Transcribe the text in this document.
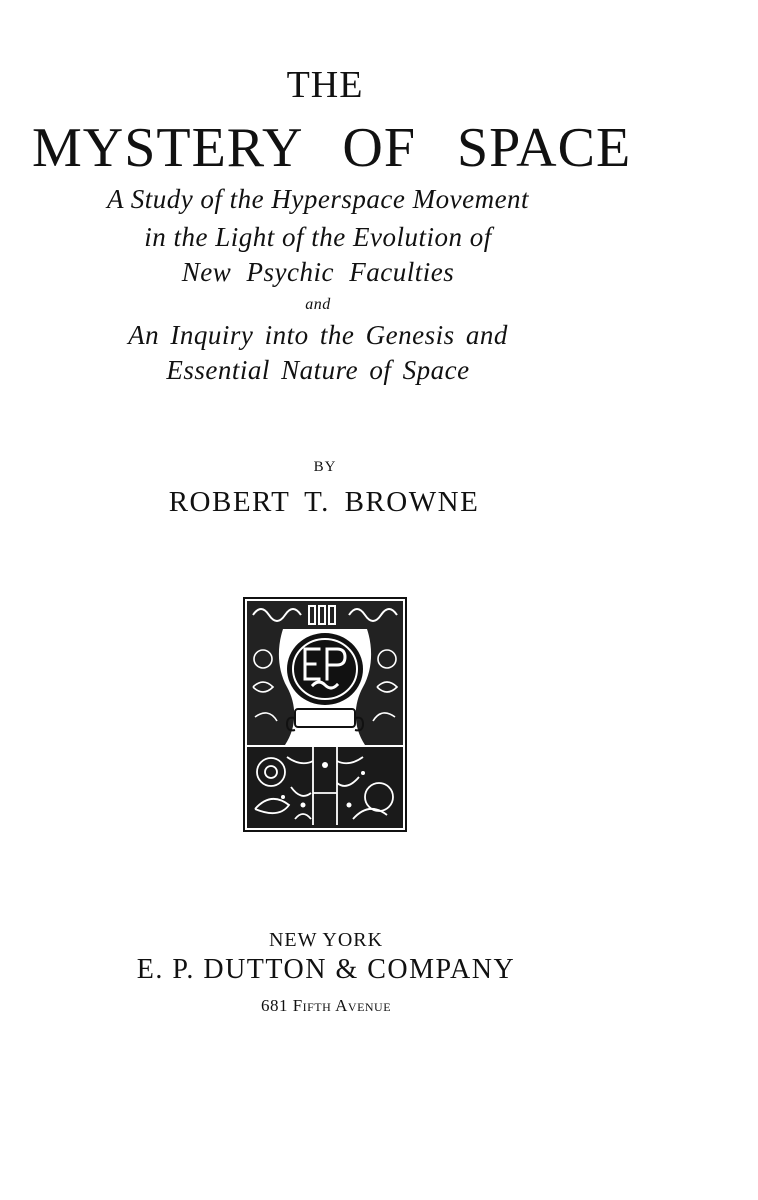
THE
MYSTERY OF SPACE
A Study of the Hyperspace Movement
in the Light of the Evolution of
New Psychic Faculties
and
An Inquiry into the Genesis and
Essential Nature of Space
BY
ROBERT T. BROWNE
NEW YORK
E. P. DUTTON & COMPANY
681 Fifth Avenue
